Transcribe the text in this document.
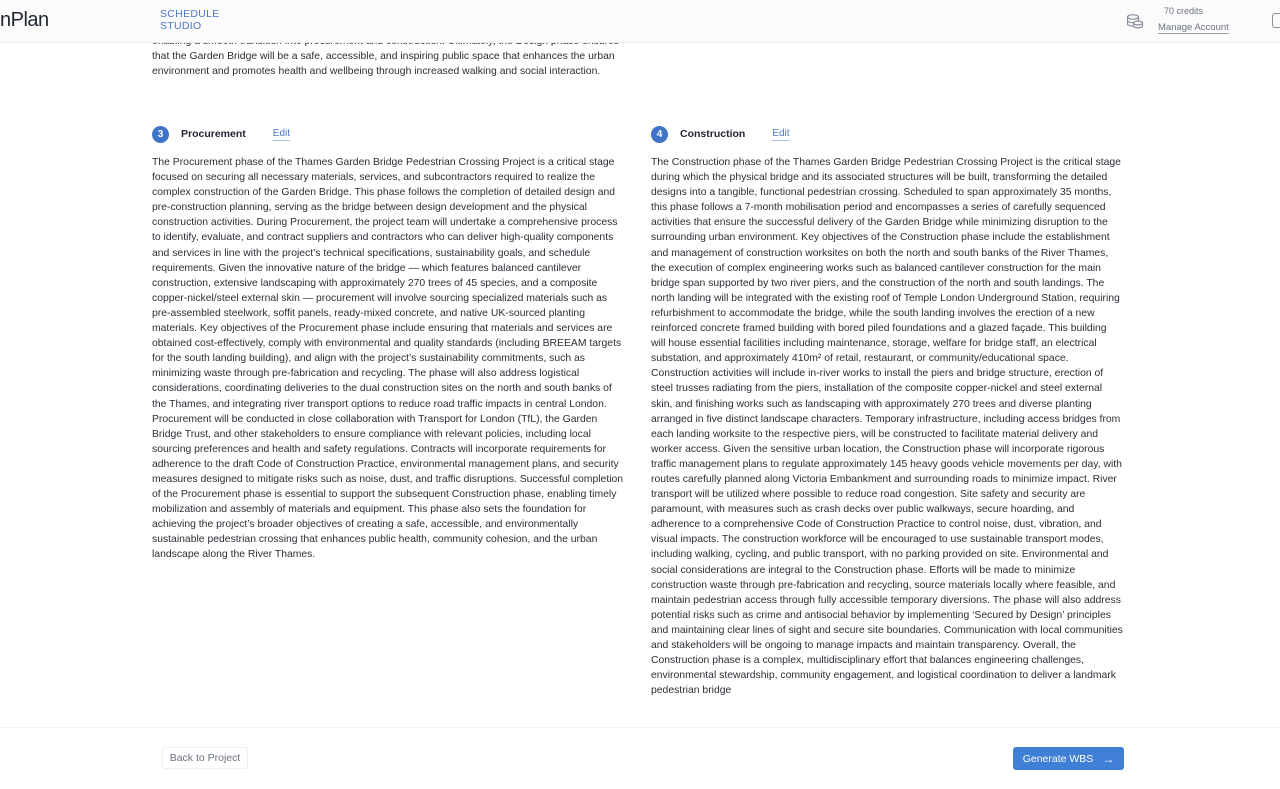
nPlan	SCHEDULE STUDIO
70 credits
Manage Account

that the Garden Bridge will be a safe, accessible, and inspiring public space that enhances the urban environment and promotes health and wellbeing through increased walking and social interaction.

3	Procurement	Edit

The Procurement phase of the Thames Garden Bridge Pedestrian Crossing Project is a critical stage focused on securing all necessary materials, services, and subcontractors required to realize the complex construction of the Garden Bridge. This phase follows the completion of detailed design and pre-construction planning, serving as the bridge between design development and the physical construction activities. During Procurement, the project team will undertake a comprehensive process to identify, evaluate, and contract suppliers and contractors who can deliver high-quality components and services in line with the project’s technical specifications, sustainability goals, and schedule requirements. Given the innovative nature of the bridge — which features balanced cantilever construction, extensive landscaping with approximately 270 trees of 45 species, and a composite copper-nickel/steel external skin — procurement will involve sourcing specialized materials such as pre-assembled steelwork, soffit panels, ready-mixed concrete, and native UK-sourced planting materials. Key objectives of the Procurement phase include ensuring that materials and services are obtained cost-effectively, comply with environmental and quality standards (including BREEAM targets for the south landing building), and align with the project’s sustainability commitments, such as minimizing waste through pre-fabrication and recycling. The phase will also address logistical considerations, coordinating deliveries to the dual construction sites on the north and south banks of the Thames, and integrating river transport options to reduce road traffic impacts in central London. Procurement will be conducted in close collaboration with Transport for London (TfL), the Garden Bridge Trust, and other stakeholders to ensure compliance with relevant policies, including local sourcing preferences and health and safety regulations. Contracts will incorporate requirements for adherence to the draft Code of Construction Practice, environmental management plans, and security measures designed to mitigate risks such as noise, dust, and traffic disruptions. Successful completion of the Procurement phase is essential to support the subsequent Construction phase, enabling timely mobilization and assembly of materials and equipment. This phase also sets the foundation for achieving the project’s broader objectives of creating a safe, accessible, and environmentally sustainable pedestrian crossing that enhances public health, community cohesion, and the urban landscape along the River Thames.

4	Construction	Edit

The Construction phase of the Thames Garden Bridge Pedestrian Crossing Project is the critical stage during which the physical bridge and its associated structures will be built, transforming the detailed designs into a tangible, functional pedestrian crossing. Scheduled to span approximately 35 months, this phase follows a 7-month mobilisation period and encompasses a series of carefully sequenced activities that ensure the successful delivery of the Garden Bridge while minimizing disruption to the surrounding urban environment. Key objectives of the Construction phase include the establishment and management of construction worksites on both the north and south banks of the River Thames, the execution of complex engineering works such as balanced cantilever construction for the main bridge span supported by two river piers, and the construction of the north and south landings. The north landing will be integrated with the existing roof of Temple London Underground Station, requiring refurbishment to accommodate the bridge, while the south landing involves the erection of a new reinforced concrete framed building with bored piled foundations and a glazed façade. This building will house essential facilities including maintenance, storage, welfare for bridge staff, an electrical substation, and approximately 410m² of retail, restaurant, or community/educational space. Construction activities will include in-river works to install the piers and bridge structure, erection of steel trusses radiating from the piers, installation of the composite copper-nickel and steel external skin, and finishing works such as landscaping with approximately 270 trees and diverse planting arranged in five distinct landscape characters. Temporary infrastructure, including access bridges from each landing worksite to the respective piers, will be constructed to facilitate material delivery and worker access. Given the sensitive urban location, the Construction phase will incorporate rigorous traffic management plans to regulate approximately 145 heavy goods vehicle movements per day, with routes carefully planned along Victoria Embankment and surrounding roads to minimize impact. River transport will be utilized where possible to reduce road congestion. Site safety and security are paramount, with measures such as crash decks over public walkways, secure hoarding, and adherence to a comprehensive Code of Construction Practice to control noise, dust, vibration, and visual impacts. The construction workforce will be encouraged to use sustainable transport modes, including walking, cycling, and public transport, with no parking provided on site. Environmental and social considerations are integral to the Construction phase. Efforts will be made to minimize construction waste through pre-fabrication and recycling, source materials locally where feasible, and maintain pedestrian access through fully accessible temporary diversions. The phase will also address potential risks such as crime and antisocial behavior by implementing ‘Secured by Design’ principles and maintaining clear lines of sight and secure site boundaries. Communication with local communities and stakeholders will be ongoing to manage impacts and maintain transparency. Overall, the Construction phase is a complex, multidisciplinary effort that balances engineering challenges, environmental stewardship, community engagement, and logistical coordination to deliver a landmark pedestrian bridge

Back to Project	Generate WBS →
